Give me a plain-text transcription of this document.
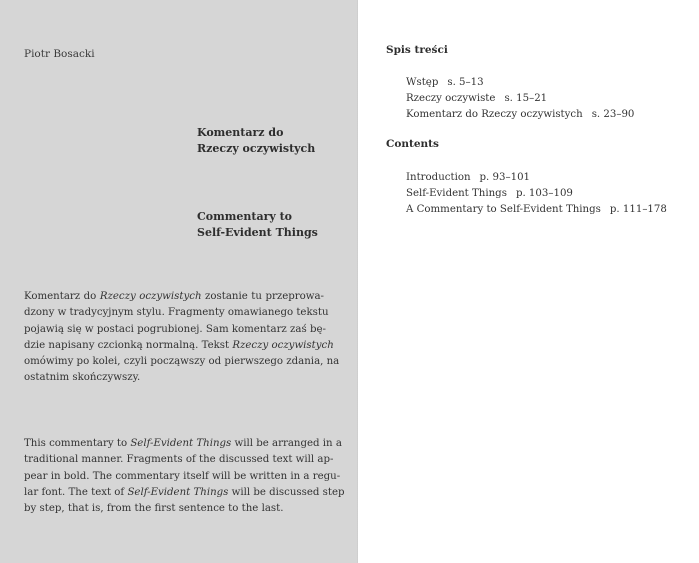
Piotr Bosacki
Komentarz do
Rzeczy oczywistych
Commentary to
Self-Evident Things
Komentarz do Rzeczy oczywistych zostanie tu przeprowa-
dzony w tradycyjnym stylu. Fragmenty omawianego tekstu
pojawią się w postaci pogrubionej. Sam komentarz zaś bę-
dzie napisany czcionką normalną. Tekst Rzeczy oczywistych
omówimy po kolei, czyli począwszy od pierwszego zdania, na
ostatnim skończywszy.
This commentary to Self-Evident Things will be arranged in a
traditional manner. Fragments of the discussed text will ap-
pear in bold. The commentary itself will be written in a regu-
lar font. The text of Self-Evident Things will be discussed step
by step, that is, from the first sentence to the last.
Spis treści
Wstęp s. 5–13
Rzeczy oczywiste s. 15–21
Komentarz do Rzeczy oczywistych s. 23–90
Contents
Introduction p. 93–101
Self-Evident Things p. 103–109
A Commentary to Self-Evident Things p. 111–178
